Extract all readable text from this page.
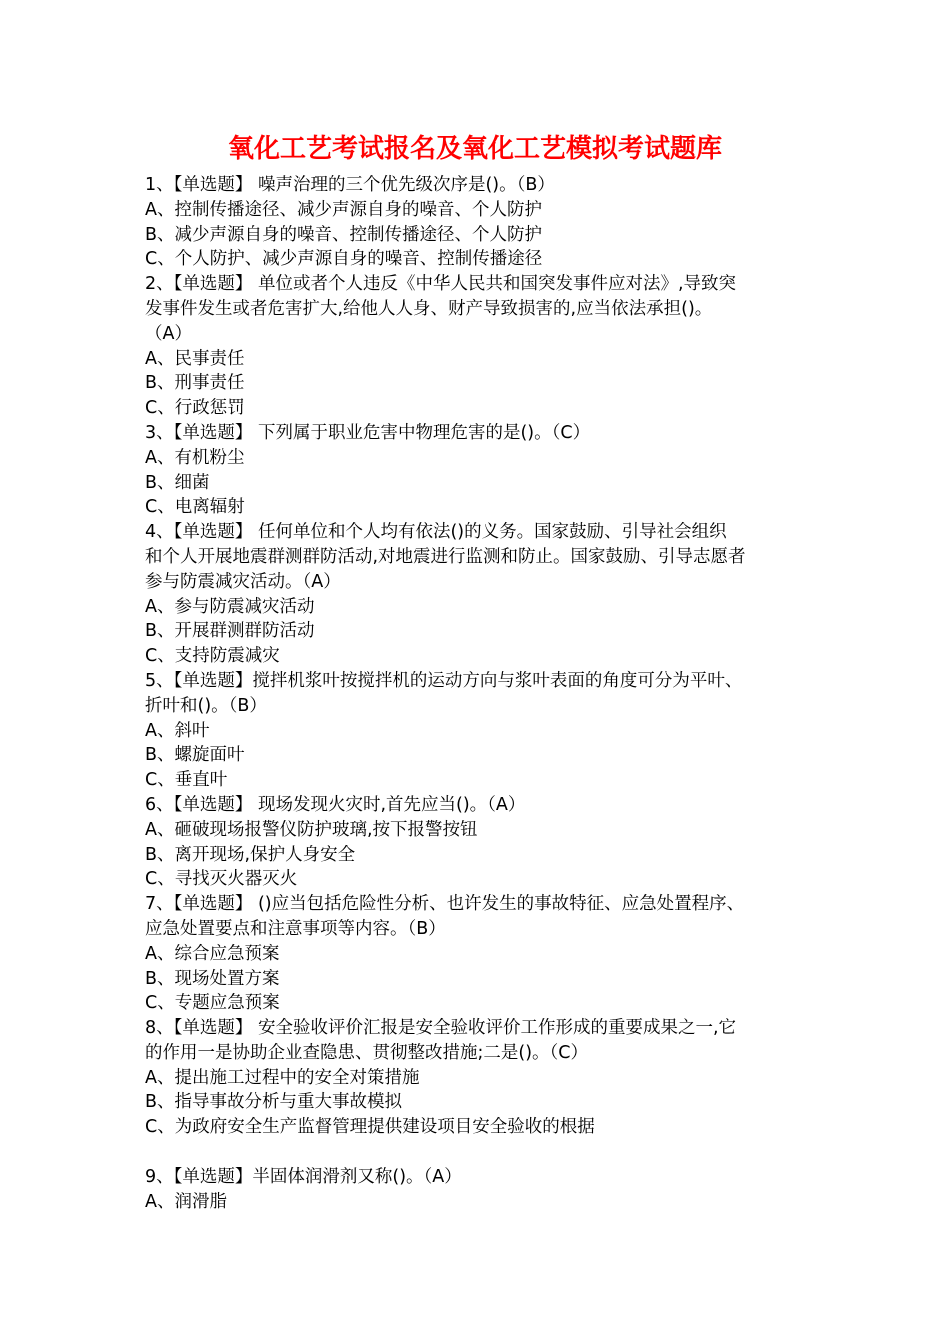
氧化工艺考试报名及氧化工艺模拟考试题库
1、【单选题】 噪声治理的三个优先级次序是()。（B）
A、控制传播途径、减少声源自身的噪音、个人防护
B、减少声源自身的噪音、控制传播途径、个人防护
C、个人防护、减少声源自身的噪音、控制传播途径
2、【单选题】 单位或者个人违反《中华人民共和国突发事件应对法》,导致突
发事件发生或者危害扩大,给他人人身、财产导致损害的,应当依法承担()。
（A）
A、民事责任
B、刑事责任
C、行政惩罚
3、【单选题】 下列属于职业危害中物理危害的是()。（C）
A、有机粉尘
B、细菌
C、电离辐射
4、【单选题】 任何单位和个人均有依法()的义务。国家鼓励、引导社会组织
和个人开展地震群测群防活动,对地震进行监测和防止。国家鼓励、引导志愿者
参与防震减灾活动。（A）
A、参与防震减灾活动
B、开展群测群防活动
C、支持防震减灾
5、【单选题】搅拌机浆叶按搅拌机的运动方向与浆叶表面的角度可分为平叶、
折叶和()。（B）
A、斜叶
B、螺旋面叶
C、垂直叶
6、【单选题】 现场发现火灾时,首先应当()。（A）
A、砸破现场报警仪防护玻璃,按下报警按钮
B、离开现场,保护人身安全
C、寻找灭火器灭火
7、【单选题】 ()应当包括危险性分析、也许发生的事故特征、应急处置程序、
应急处置要点和注意事项等内容。（B）
A、综合应急预案
B、现场处置方案
C、专题应急预案
8、【单选题】 安全验收评价汇报是安全验收评价工作形成的重要成果之一,它
的作用一是协助企业查隐患、贯彻整改措施;二是()。（C）
A、提出施工过程中的安全对策措施
B、指导事故分析与重大事故模拟
C、为政府安全生产监督管理提供建设项目安全验收的根据
9、【单选题】半固体润滑剂又称()。（A）
A、润滑脂
